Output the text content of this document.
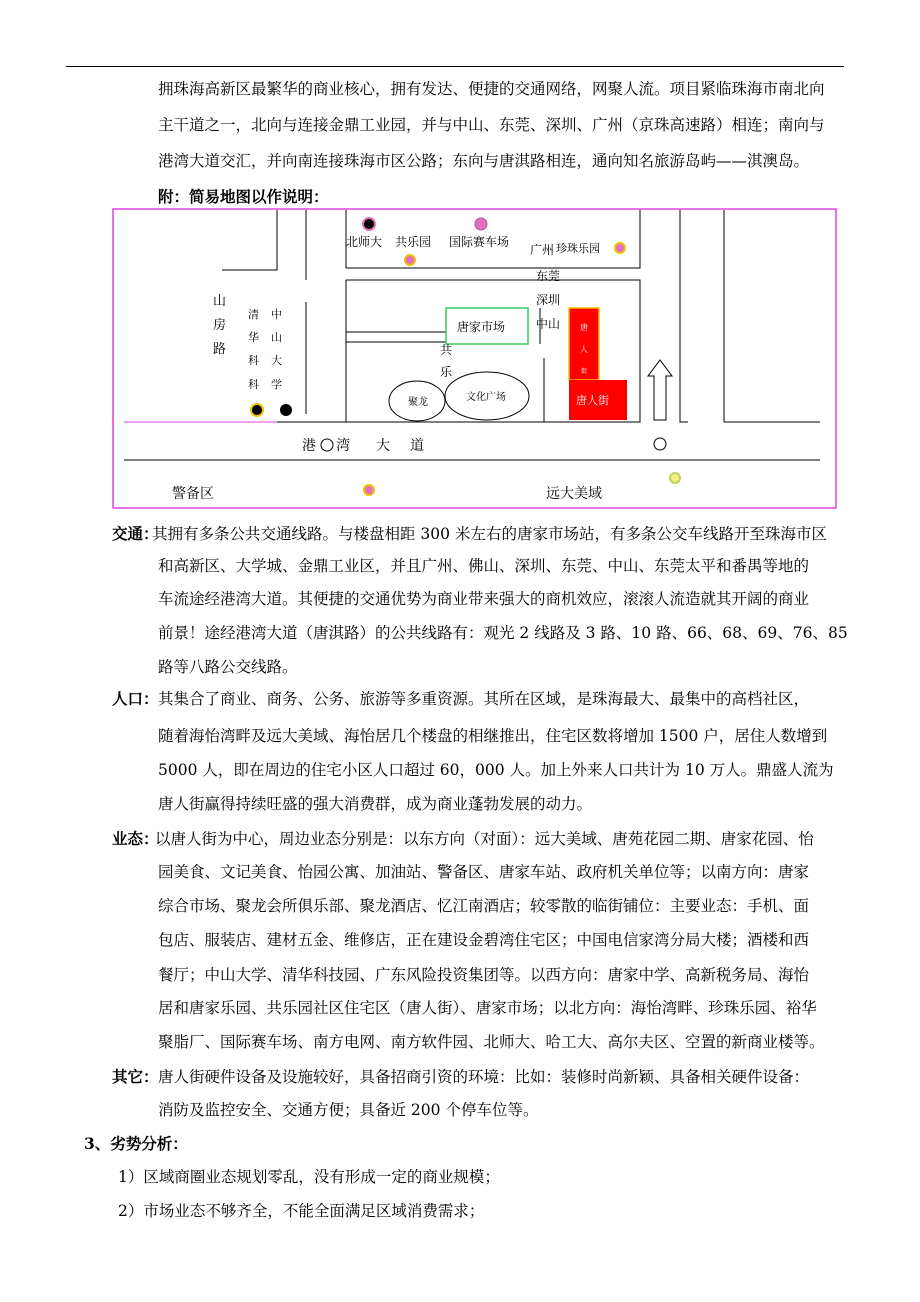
拥珠海高新区最繁华的商业核心，拥有发达、便捷的交通网络，网聚人流。项目紧临珠海市南北向
主干道之一，北向与连接金鼎工业园，并与中山、东莞、深圳、广州（京珠高速路）相连；南向与
港湾大道交汇，并向南连接珠海市区公路；东向与唐淇路相连，通向知名旅游岛屿——淇澳岛。
附：简易地图以作说明：
北师大 共乐园 国际赛车场
广州 珍珠乐园
东莞
深圳
中山
山
房
路
清
华
科
科
中
山
大
学
唐家市场
共
乐
聚龙	文化广场
唐
人
街
唐人街
港 湾 大 道
警备区	远大美域
交通：
其拥有多条公共交通线路。与楼盘相距 300 米左右的唐家市场站，有多条公交车线路开至珠海市区
和高新区、大学城、金鼎工业区，并且广州、佛山、深圳、东莞、中山、东莞太平和番禺等地的
车流途经港湾大道。其便捷的交通优势为商业带来强大的商机效应，滚滚人流造就其开阔的商业
前景！途经港湾大道（唐淇路）的公共线路有：观光 2 线路及 3 路、10 路、66、68、69、76、85
路等八路公交线路。
人口： 其集合了商业、商务、公务、旅游等多重资源。其所在区域，是珠海最大、最集中的高档社区，
随着海怡湾畔及远大美域、海怡居几个楼盘的相继推出，住宅区数将增加 1500 户，居住人数增到
5000 人，即在周边的住宅小区人口超过 60，000 人。加上外来人口共计为 10 万人。鼎盛人流为
唐人街赢得持续旺盛的强大消费群，成为商业蓬勃发展的动力。
业态：
以唐人街为中心，周边业态分别是：以东方向（对面）：远大美域、唐苑花园二期、唐家花园、怡
园美食、文记美食、怡园公寓、加油站、警备区、唐家车站、政府机关单位等；以南方向：唐家
综合市场、聚龙会所俱乐部、聚龙酒店、忆江南酒店；较零散的临街铺位：主要业态：手机、面
包店、服装店、建材五金、维修店，正在建设金碧湾住宅区；中国电信家湾分局大楼；酒楼和西
餐厅；中山大学、清华科技园、广东风险投资集团等。以西方向：唐家中学、高新税务局、海怡
居和唐家乐园、共乐园社区住宅区（唐人街）、唐家市场；以北方向：海怡湾畔、珍珠乐园、裕华
聚脂厂、国际赛车场、南方电网、南方软件园、北师大、哈工大、高尔夫区、空置的新商业楼等。
其它： 唐人街硬件设备及设施较好，具备招商引资的环境：比如：装修时尚新颖、具备相关硬件设备：
消防及监控安全、交通方便；具备近 200 个停车位等。
3、劣势分析：
1）区域商圈业态规划零乱，没有形成一定的商业规模；
2）市场业态不够齐全，不能全面满足区域消费需求；
